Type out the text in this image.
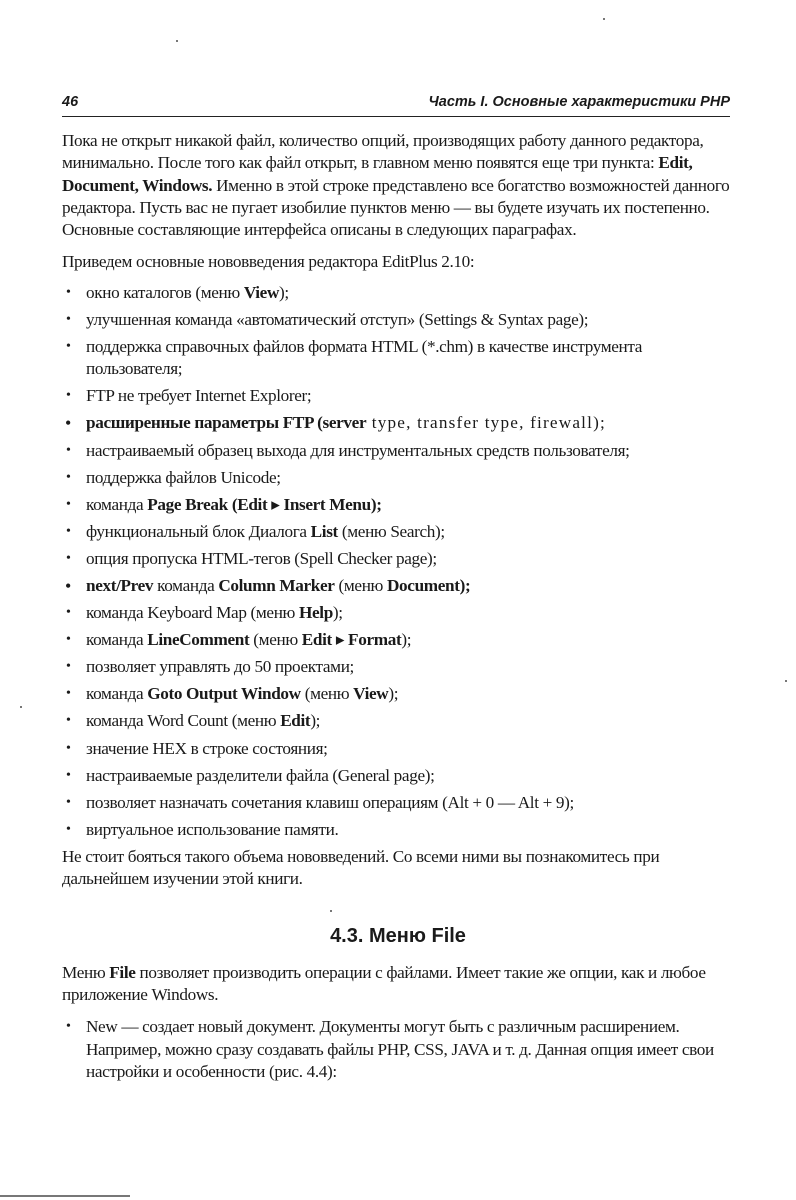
46	Часть I. Основные характеристики PHP

Пока не открыт никакой файл, количество опций, производящих работу данного редактора, минимально. После того как файл открыт, в главном меню появятся еще три пункта: Edit, Document, Windows. Именно в этой строке представлено все богатство возможностей данного редактора. Пусть вас не пугает изобилие пунктов меню — вы будете изучать их постепенно. Основные составляющие интерфейса описаны в следующих параграфах.

Приведем основные нововведения редактора EditPlus 2.10:

• окно каталогов (меню View);
• улучшенная команда «автоматический отступ» (Settings & Syntax page);
• поддержка справочных файлов формата HTML (*.chm) в качестве инструмента пользователя;
• FTP не требует Internet Explorer;
• расширенные параметры FTP (server type, transfer type, firewall);
• настраиваемый образец выхода для инструментальных средств пользователя;
• поддержка файлов Unicode;
• команда Page Break (Edit ▸ Insert Menu);
• функциональный блок Диалога List (меню Search);
• опция пропуска HTML-тегов (Spell Checker page);
• next/Prev команда Column Marker (меню Document);
• команда Keyboard Map (меню Help);
• команда LineComment (меню Edit ▸ Format);
• позволяет управлять до 50 проектами;
• команда Goto Output Window (меню View);
• команда Word Count (меню Edit);
• значение HEX в строке состояния;
• настраиваемые разделители файла (General page);
• позволяет назначать сочетания клавиш операциям (Alt + 0 — Alt + 9);
• виртуальное использование памяти.

Не стоит бояться такого объема нововведений. Со всеми ними вы познакомитесь при дальнейшем изучении этой книги.

4.3. Меню File

Меню File позволяет производить операции с файлами. Имеет такие же опции, как и любое приложение Windows.

• New — создает новый документ. Документы могут быть с различным расширением. Например, можно сразу создавать файлы PHP, CSS, JAVA и т. д. Данная опция имеет свои настройки и особенности (рис. 4.4):
